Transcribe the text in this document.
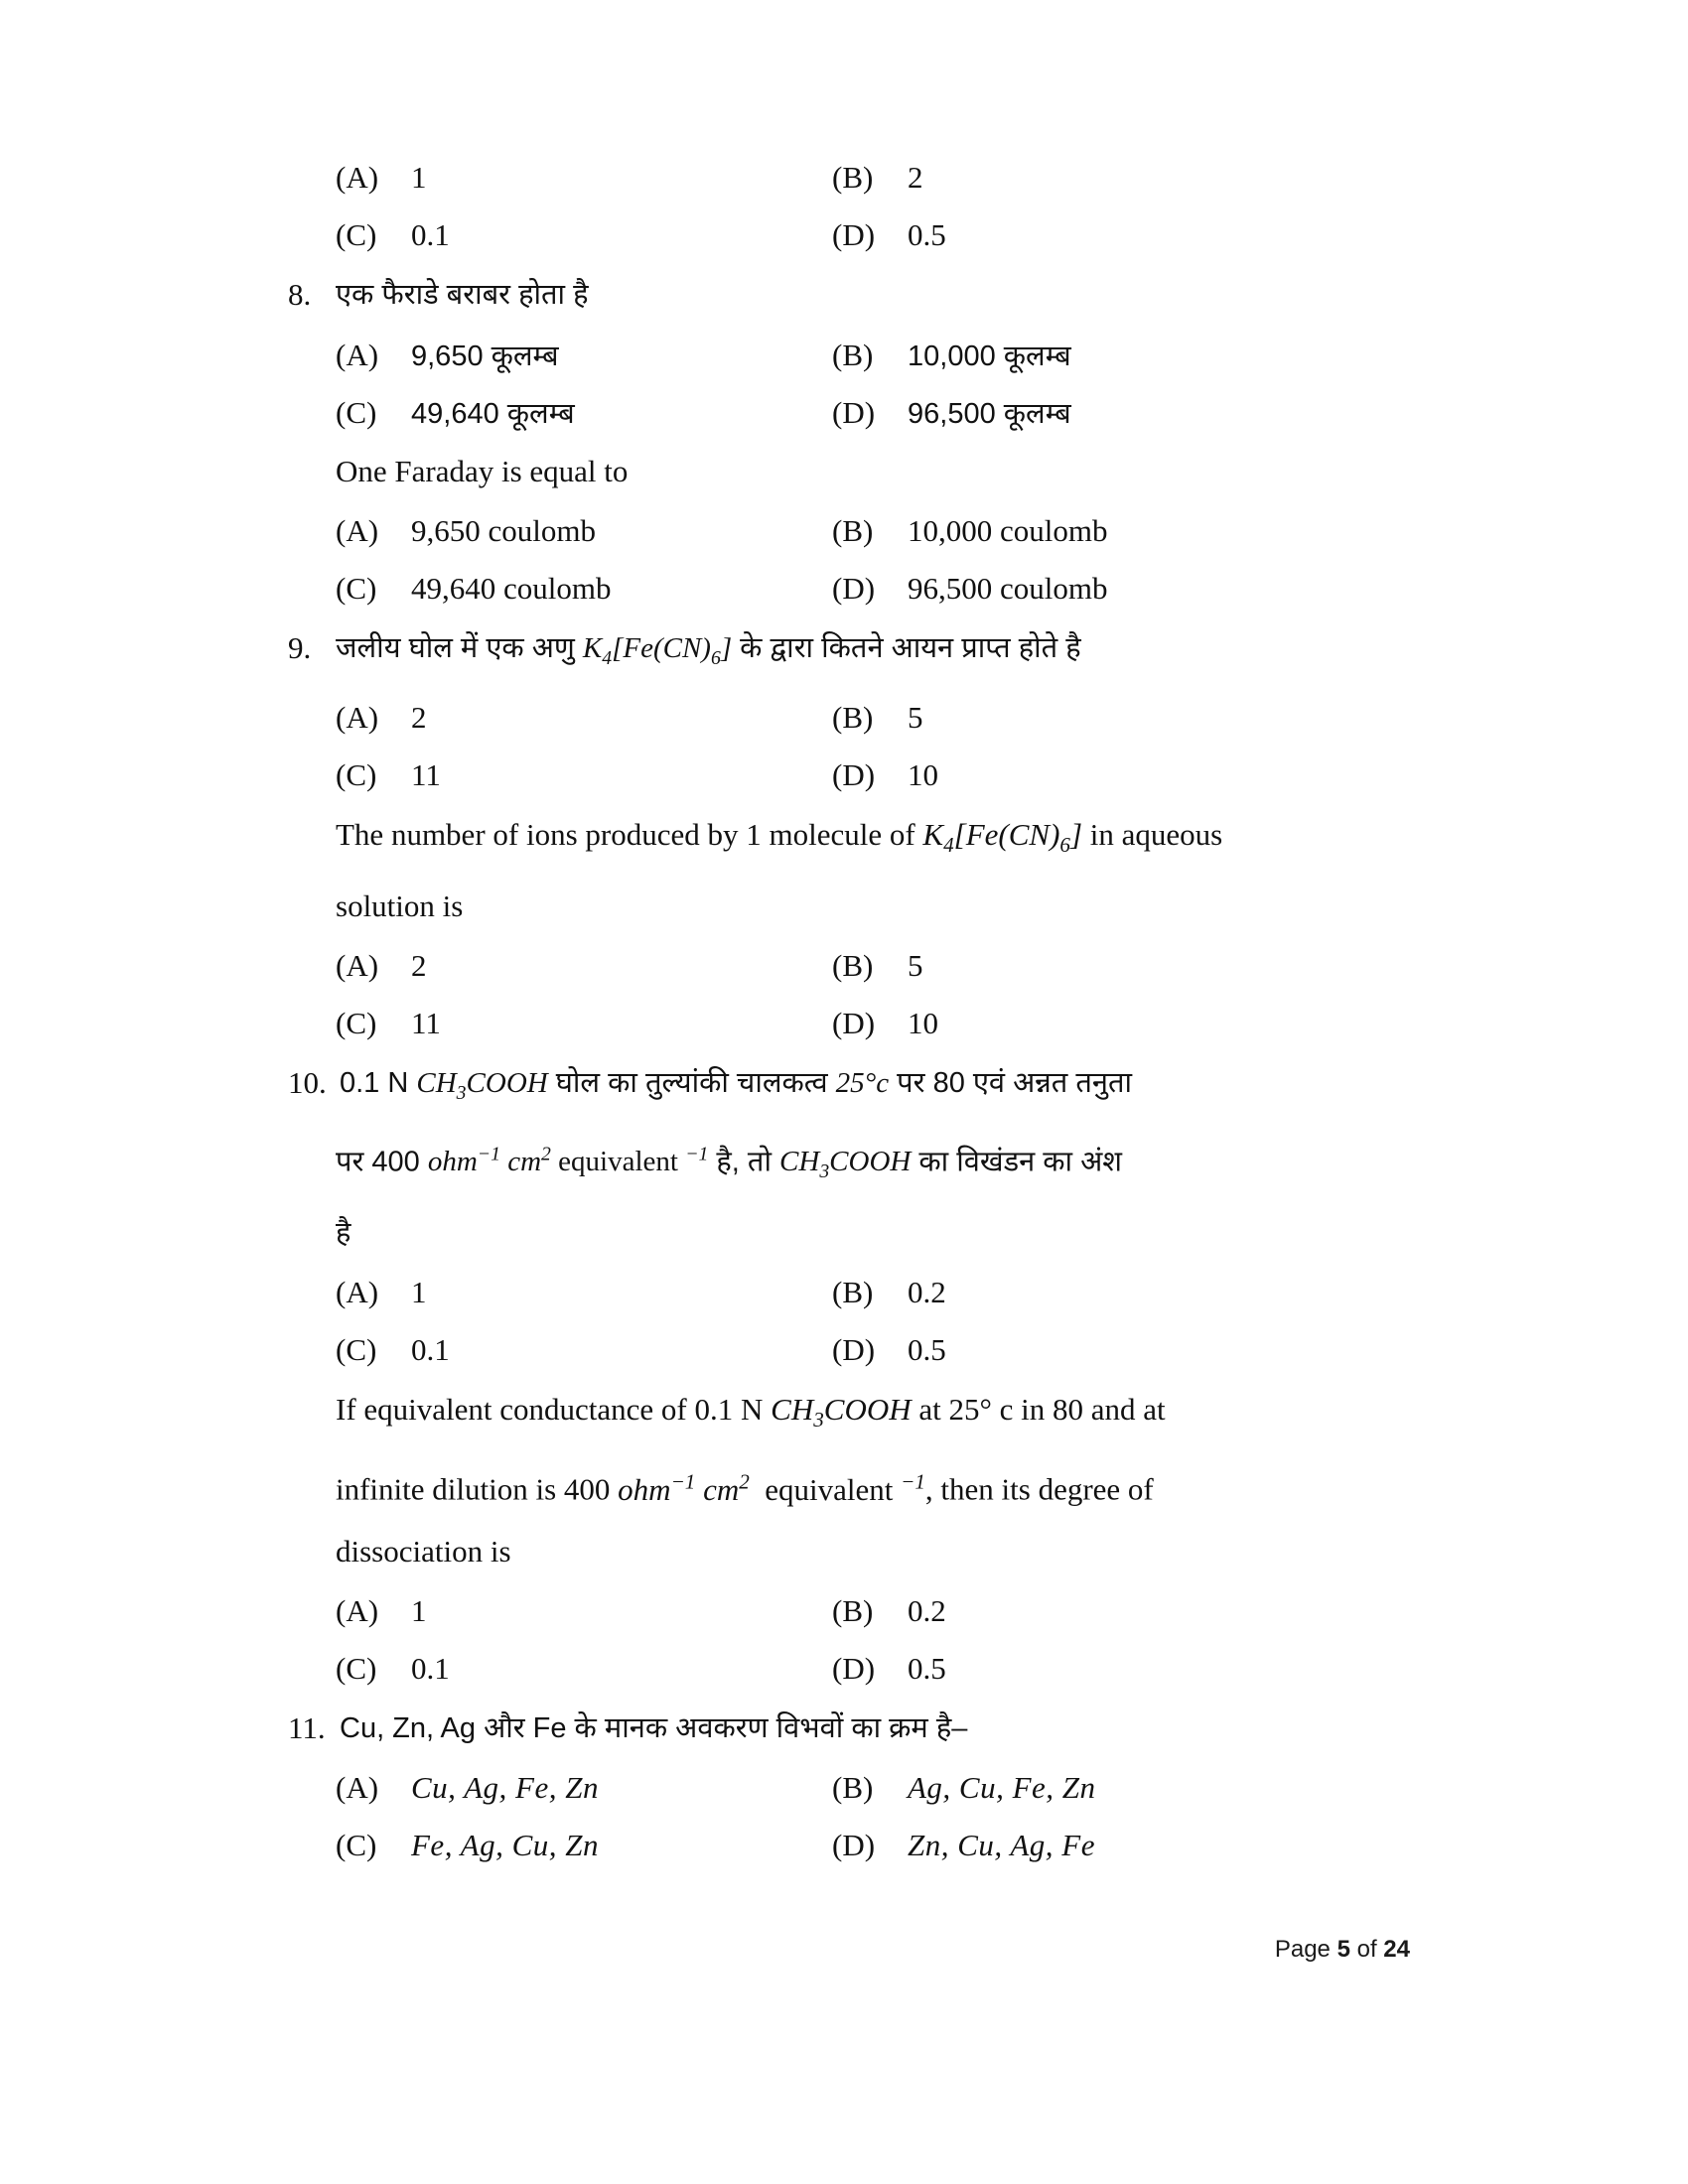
(A)	1	(B)	2
(C)	0.1	(D)	0.5
8. एक फैराडे बराबर होता है
(A)	9,650 कूलम्ब	(B)	10,000 कूलम्ब
(C)	49,640 कूलम्ब	(D)	96,500 कूलम्ब
One Faraday is equal to
(A)	9,650 coulomb	(B)	10,000 coulomb
(C)	49,640 coulomb	(D)	96,500 coulomb
9. जलीय घोल में एक अणु $K_4[Fe(CN)_6]$ के द्वारा कितने आयन प्राप्त होते है
(A)	2	(B)	5
(C)	11	(D)	10
The number of ions produced by 1 molecule of $K_4[Fe(CN)_6]$ in aqueous
solution is
(A)	2	(B)	5
(C)	11	(D)	10
10. 0.1 N $CH_3COOH$ घोल का तुल्यांकी चालकत्व 25°c पर 80 एवं अन्नत तनुता
पर 400 ohm$^{-1}$ $cm^2$ equivalent $^{-1}$ है, तो $CH_3COOH$ का विखंडन का अंश
है
(A)	1	(B)	0.2
(C)	0.1	(D)	0.5
If equivalent conductance of 0.1 N $CH_3COOH$ at 25° c in 80 and at
infinite dilution is 400 ohm$^{-1}$ $cm^2$ equivalent $^{-1}$, then its degree of
dissociation is
(A)	1	(B)	0.2
(C)	0.1	(D)	0.5
11. Cu, Zn, Ag और Fe के मानक अवकरण विभवों का क्रम है–
(A)	Cu, Ag, Fe, Zn	(B)	Ag, Cu, Fe, Zn
(C)	Fe, Ag, Cu, Zn	(D)	Zn, Cu, Ag, Fe
Page 5 of 24
